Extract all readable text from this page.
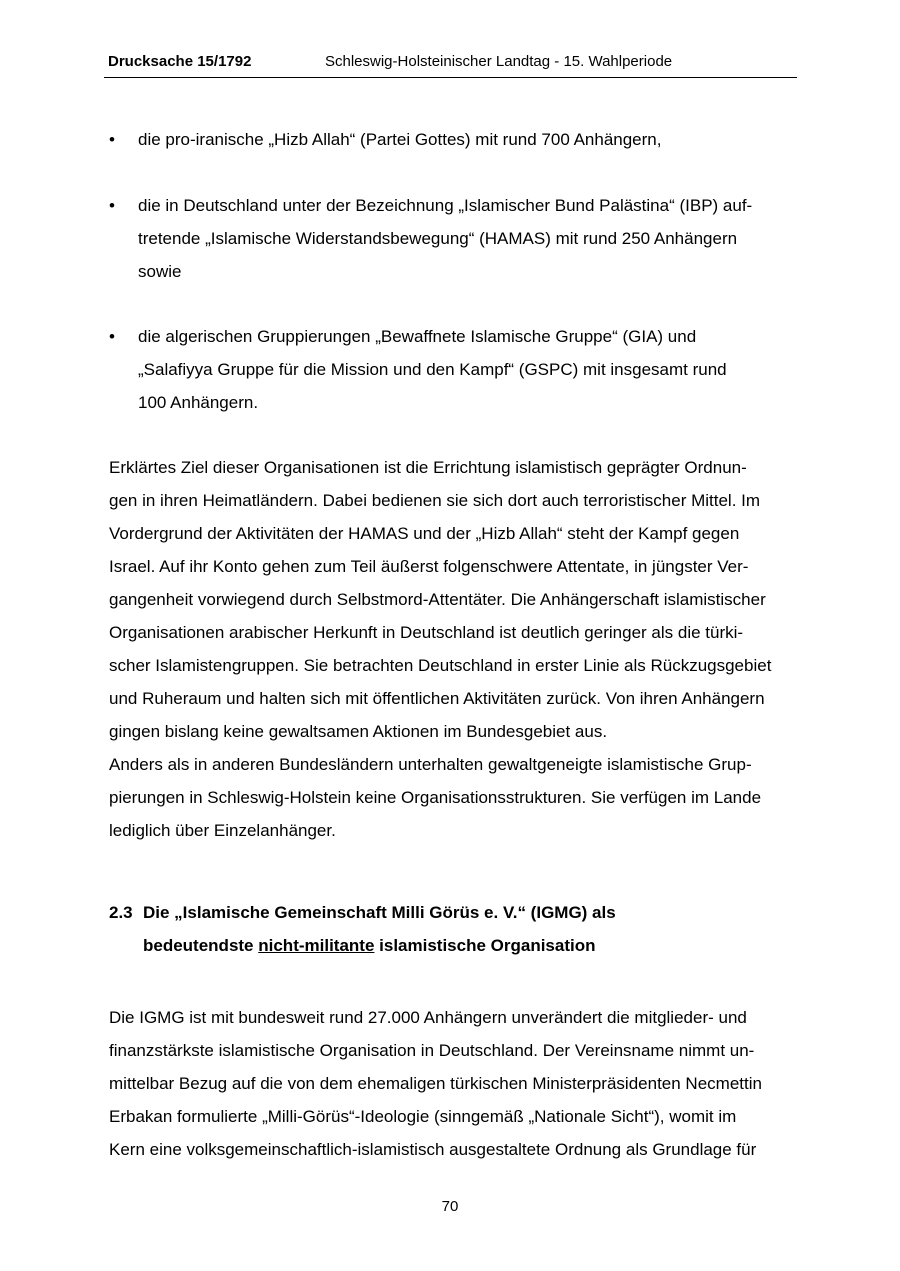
Drucksache 15/1792	Schleswig-Holsteinischer Landtag - 15. Wahlperiode
• die pro-iranische „Hizb Allah“ (Partei Gottes) mit rund 700 Anhängern,
• die in Deutschland unter der Bezeichnung „Islamischer Bund Palästina“ (IBP) auf-
tretende „Islamische Widerstandsbewegung“ (HAMAS) mit rund 250 Anhängern
sowie
• die algerischen Gruppierungen „Bewaffnete Islamische Gruppe“ (GIA) und
„Salafiyya Gruppe für die Mission und den Kampf“ (GSPC) mit insgesamt rund
100 Anhängern.
Erklärtes Ziel dieser Organisationen ist die Errichtung islamistisch geprägter Ordnun-
gen in ihren Heimatländern. Dabei bedienen sie sich dort auch terroristischer Mittel. Im
Vordergrund der Aktivitäten der HAMAS und der „Hizb Allah“ steht der Kampf gegen
Israel. Auf ihr Konto gehen zum Teil äußerst folgenschwere Attentate, in jüngster Ver-
gangenheit vorwiegend durch Selbstmord-Attentäter. Die Anhängerschaft islamistischer
Organisationen arabischer Herkunft in Deutschland ist deutlich geringer als die türki-
scher Islamistengruppen. Sie betrachten Deutschland in erster Linie als Rückzugsgebiet
und Ruheraum und halten sich mit öffentlichen Aktivitäten zurück. Von ihren Anhängern
gingen bislang keine gewaltsamen Aktionen im Bundesgebiet aus.
Anders als in anderen Bundesländern unterhalten gewaltgeneigte islamistische Grup-
pierungen in Schleswig-Holstein keine Organisationsstrukturen. Sie verfügen im Lande
lediglich über Einzelanhänger.
2.3 Die „Islamische Gemeinschaft Milli Görüs e. V.“ (IGMG) als
bedeutendste nicht-militante islamistische Organisation
Die IGMG ist mit bundesweit rund 27.000 Anhängern unverändert die mitglieder- und
finanzstärkste islamistische Organisation in Deutschland. Der Vereinsname nimmt un-
mittelbar Bezug auf die von dem ehemaligen türkischen Ministerpräsidenten Necmettin
Erbakan formulierte „Milli-Görüs“-Ideologie (sinngemäß „Nationale Sicht“), womit im
Kern eine volksgemeinschaftlich-islamistisch ausgestaltete Ordnung als Grundlage für
70
